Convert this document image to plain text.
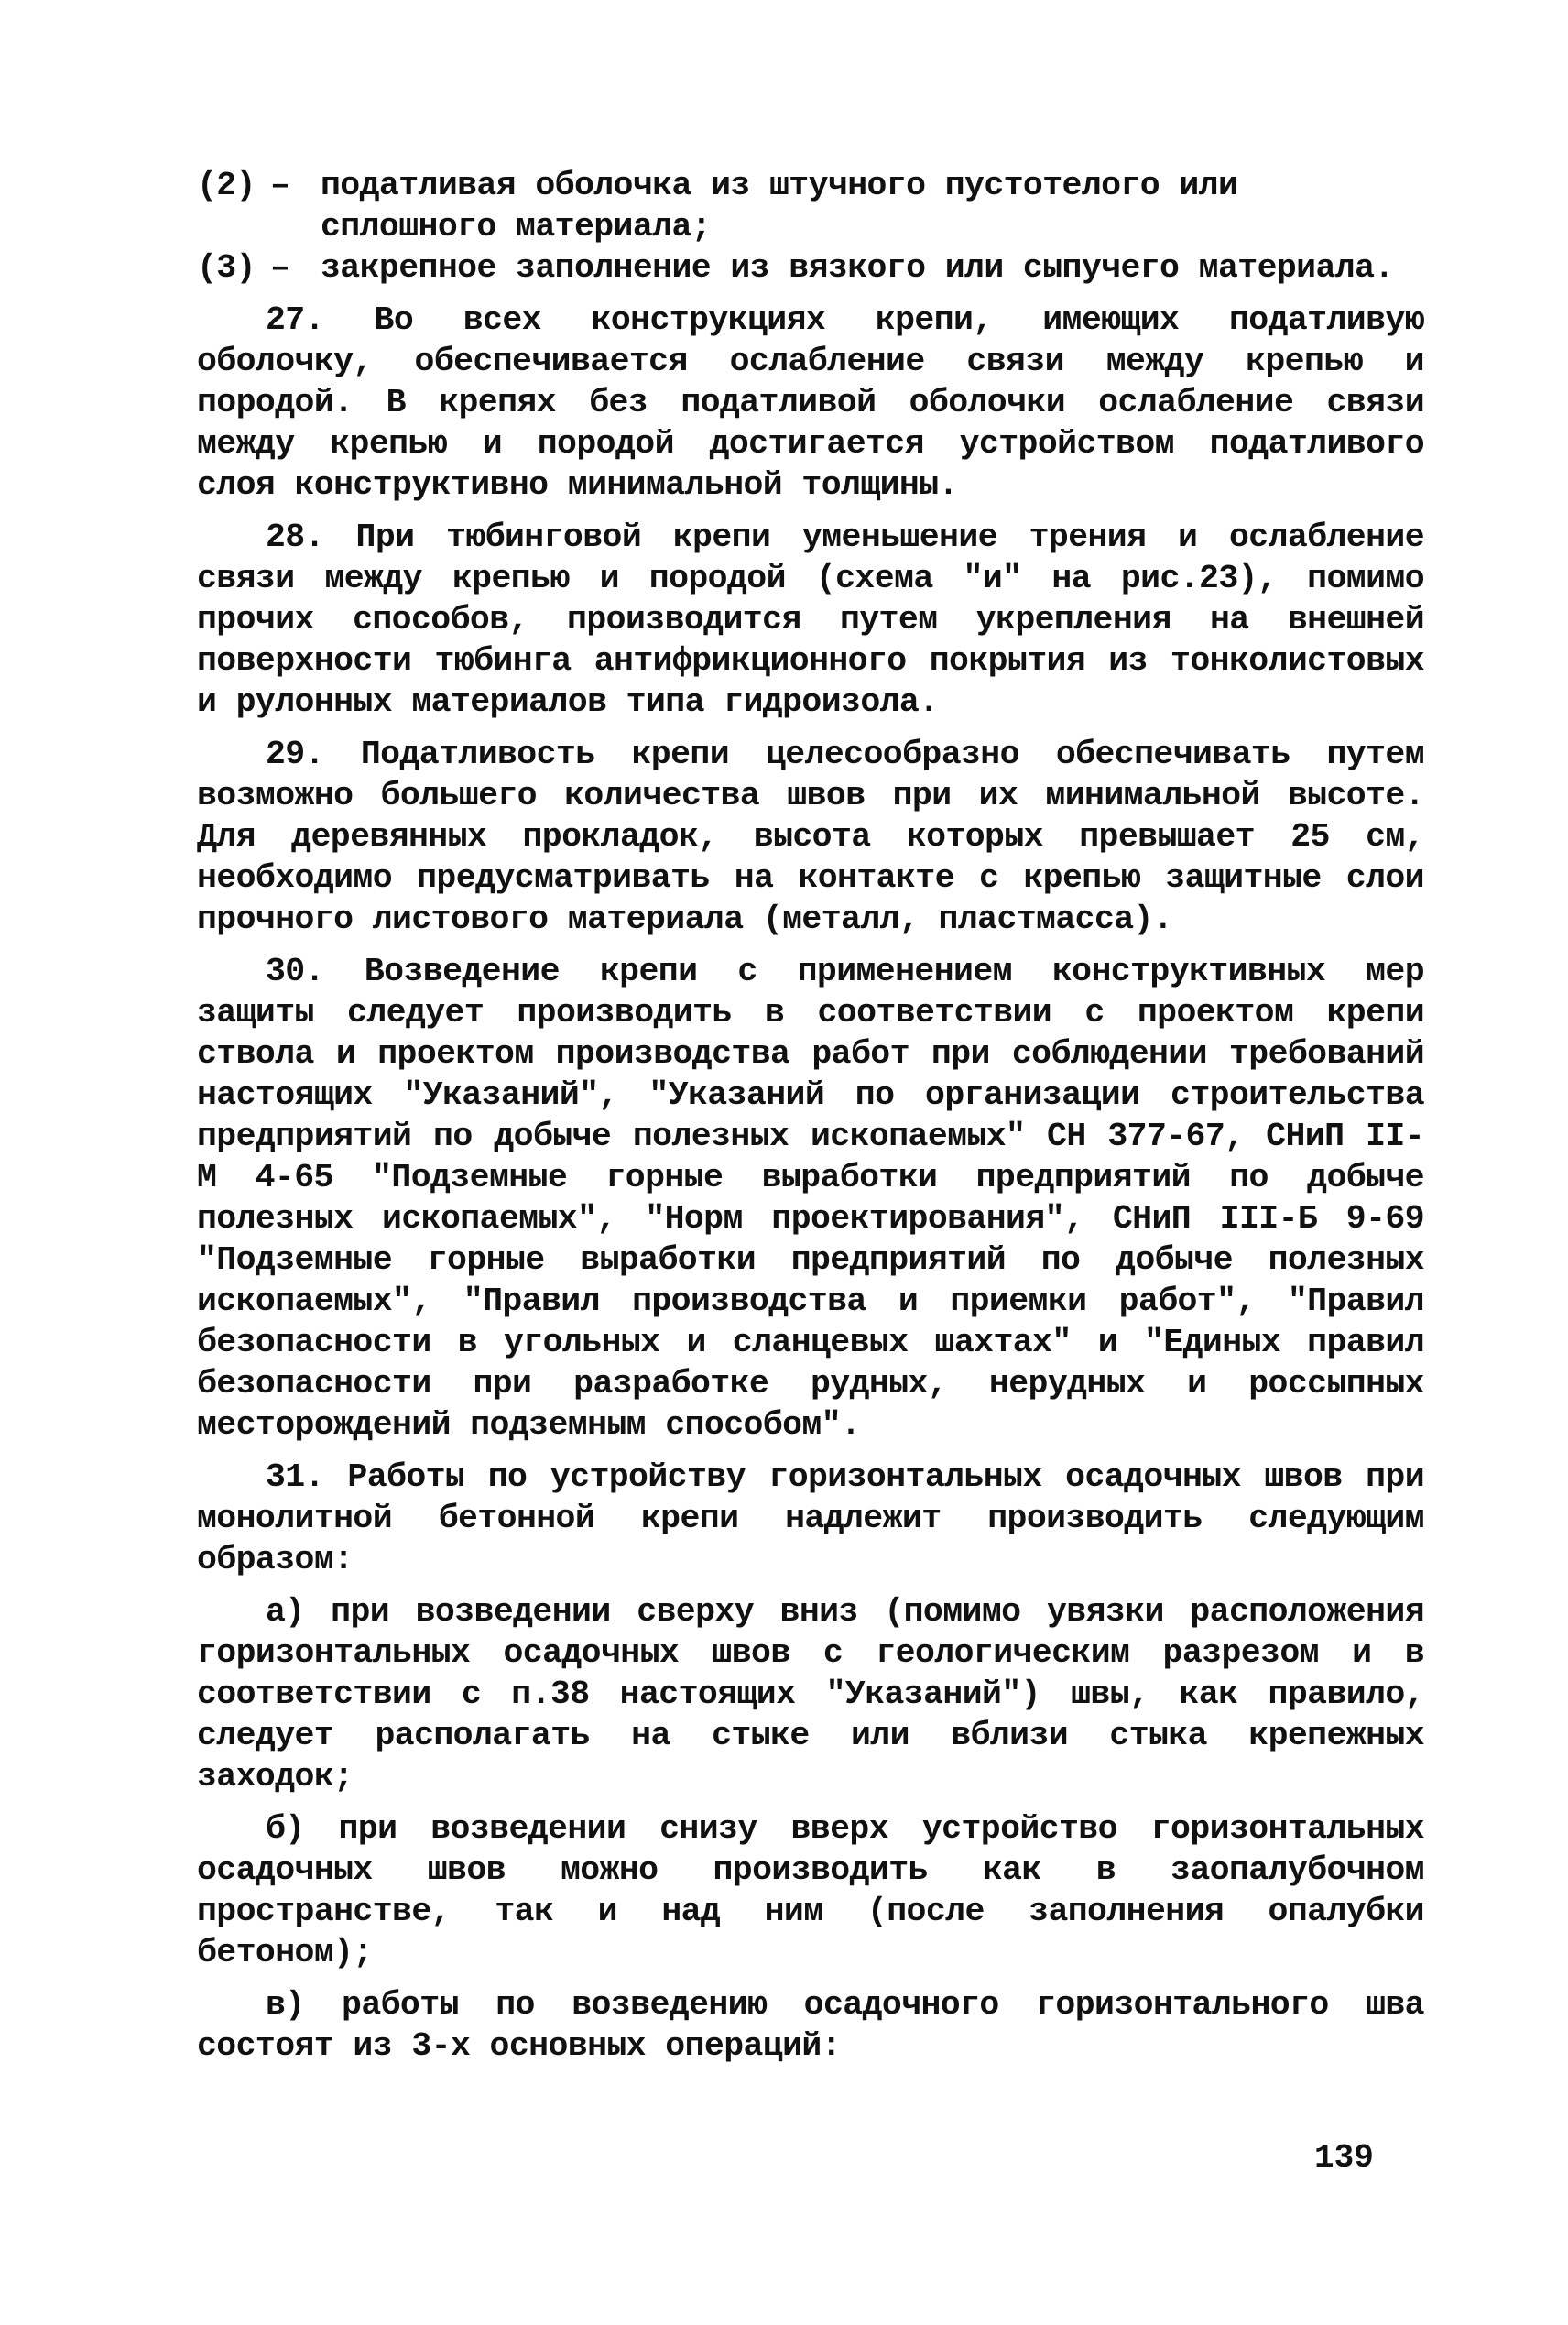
(2) – податливая оболочка из штучного пустотелого или сплошного материала;
(3) – закрепное заполнение из вязкого или сыпучего материала.

27. Во всех конструкциях крепи, имеющих податливую оболочку, обеспечивается ослабление связи между крепью и породой. В крепях без податливой оболочки ослабление связи между крепью и породой достигается устройством податливого слоя конструктивно минимальной толщины.

28. При тюбинговой крепи уменьшение трения и ослабление связи между крепью и породой (схема "и" на рис.23), помимо прочих способов, производится путем укрепления на внешней поверхности тюбинга антифрикционного покрытия из тонколистовых и рулонных материалов типа гидроизола.

29. Податливость крепи целесообразно обеспечивать путем возможно большего количества швов при их минимальной высоте. Для деревянных прокладок, высота которых превышает 25 см, необходимо предусматривать на контакте с крепью защитные слои прочного листового материала (металл, пластмасса).

30. Возведение крепи с применением конструктивных мер защиты следует производить в соответствии с проектом крепи ствола и проектом производства работ при соблюдении требований настоящих "Указаний", "Указаний по организации строительства предприятий по добыче полезных ископаемых" СН 377-67, СНиП II-М 4-65 "Подземные горные выработки предприятий по добыче полезных ископаемых", "Норм проектирования", СНиП III-Б 9-69 "Подземные горные выработки предприятий по добыче полезных ископаемых", "Правил производства и приемки работ", "Правил безопасности в угольных и сланцевых шахтах" и "Единых правил безопасности при разработке рудных, нерудных и россыпных месторождений подземным способом".

31. Работы по устройству горизонтальных осадочных швов при монолитной бетонной крепи надлежит производить следующим образом:

а) при возведении сверху вниз (помимо увязки расположения горизонтальных осадочных швов с геологическим разрезом и в соответствии с п.38 настоящих "Указаний") швы, как правило, следует располагать на стыке или вблизи стыка крепежных заходок;

б) при возведении снизу вверх устройство горизонтальных осадочных швов можно производить как в заопалубочном пространстве, так и над ним (после заполнения опалубки бетоном);

в) работы по возведению осадочного горизонтального шва состоят из 3-х основных операций:

139
